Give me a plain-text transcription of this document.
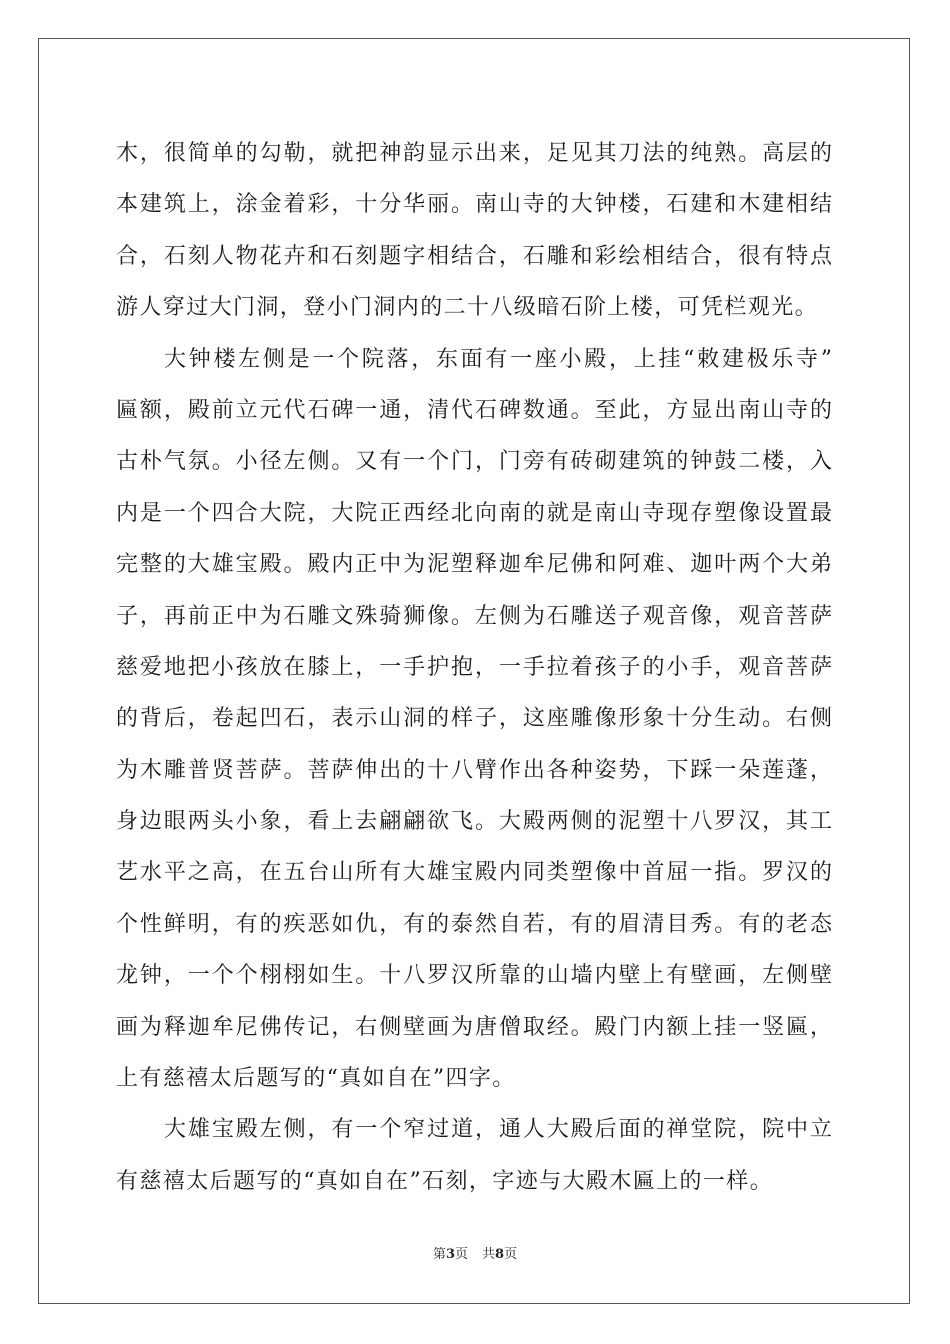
木，很简单的勾勒，就把神韵显示出来，足见其刀法的纯熟。高层的
本建筑上，涂金着彩，十分华丽。南山寺的大钟楼，石建和木建相结
合，石刻人物花卉和石刻题字相结合，石雕和彩绘相结合，很有特点
游人穿过大门洞，登小门洞内的二十八级暗石阶上楼，可凭栏观光。
大钟楼左侧是一个院落，东面有一座小殿，上挂“敕建极乐寺”
匾额，殿前立元代石碑一通，清代石碑数通。至此，方显出南山寺的
古朴气氛。小径左侧。又有一个门，门旁有砖砌建筑的钟鼓二楼，入
内是一个四合大院，大院正西经北向南的就是南山寺现存塑像设置最
完整的大雄宝殿。殿内正中为泥塑释迦牟尼佛和阿难、迦叶两个大弟
子，再前正中为石雕文殊骑狮像。左侧为石雕送子观音像，观音菩萨
慈爱地把小孩放在膝上，一手护抱，一手拉着孩子的小手，观音菩萨
的背后，卷起凹石，表示山洞的样子，这座雕像形象十分生动。右侧
为木雕普贤菩萨。菩萨伸出的十八臂作出各种姿势，下踩一朵莲蓬，
身边眼两头小象，看上去翩翩欲飞。大殿两侧的泥塑十八罗汉，其工
艺水平之高，在五台山所有大雄宝殿内同类塑像中首屈一指。罗汉的
个性鲜明，有的疾恶如仇，有的泰然自若，有的眉清目秀。有的老态
龙钟，一个个栩栩如生。十八罗汉所靠的山墙内壁上有壁画，左侧壁
画为释迦牟尼佛传记，右侧壁画为唐僧取经。殿门内额上挂一竖匾，
上有慈禧太后题写的“真如自在”四字。
大雄宝殿左侧，有一个窄过道，通人大殿后面的禅堂院，院中立
有慈禧太后题写的“真如自在”石刻，字迹与大殿木匾上的一样。
第3页 共8页
